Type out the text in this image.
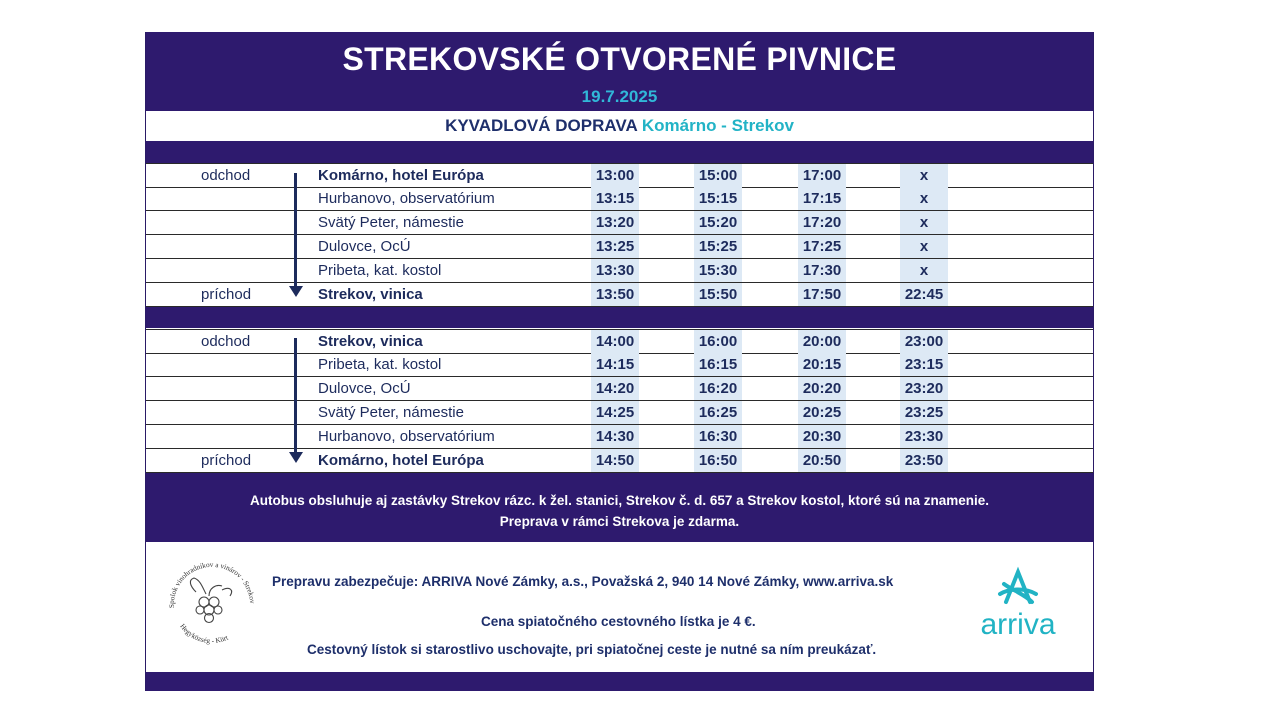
STREKOVSKÉ OTVORENÉ PIVNICE
19.7.2025
KYVADLOVÁ DOPRAVA Komárno - Strekov
odchod	Komárno, hotel Európa	13:00	15:00	17:00	x
Hurbanovo, observatórium	13:15	15:15	17:15	x
Svätý Peter, námestie	13:20	15:20	17:20	x
Dulovce, OcÚ	13:25	15:25	17:25	x
Pribeta, kat. kostol	13:30	15:30	17:30	x
príchod	Strekov, vinica	13:50	15:50	17:50	22:45
odchod	Strekov, vinica	14:00	16:00	20:00	23:00
Pribeta, kat. kostol	14:15	16:15	20:15	23:15
Dulovce, OcÚ	14:20	16:20	20:20	23:20
Svätý Peter, námestie	14:25	16:25	20:25	23:25
Hurbanovo, observatórium	14:30	16:30	20:30	23:30
príchod	Komárno, hotel Európa	14:50	16:50	20:50	23:50
Autobus obsluhuje aj zastávky Strekov rázc. k žel. stanici, Strekov č. d. 657 a Strekov kostol, ktoré sú na znamenie.
Preprava v rámci Strekova je zdarma.
Prepravu zabezpečuje: ARRIVA Nové Zámky, a.s., Považská 2, 940 14 Nové Zámky, www.arriva.sk
Cena spiatočného cestovného lístka je 4 €.
Cestovný lístok si starostlivo uschovajte, pri spiatočnej ceste je nutné sa ním preukázať.
Spolok vinohradníkov a vinárov - Strekov
Hegyközség - Kürt	arriva
